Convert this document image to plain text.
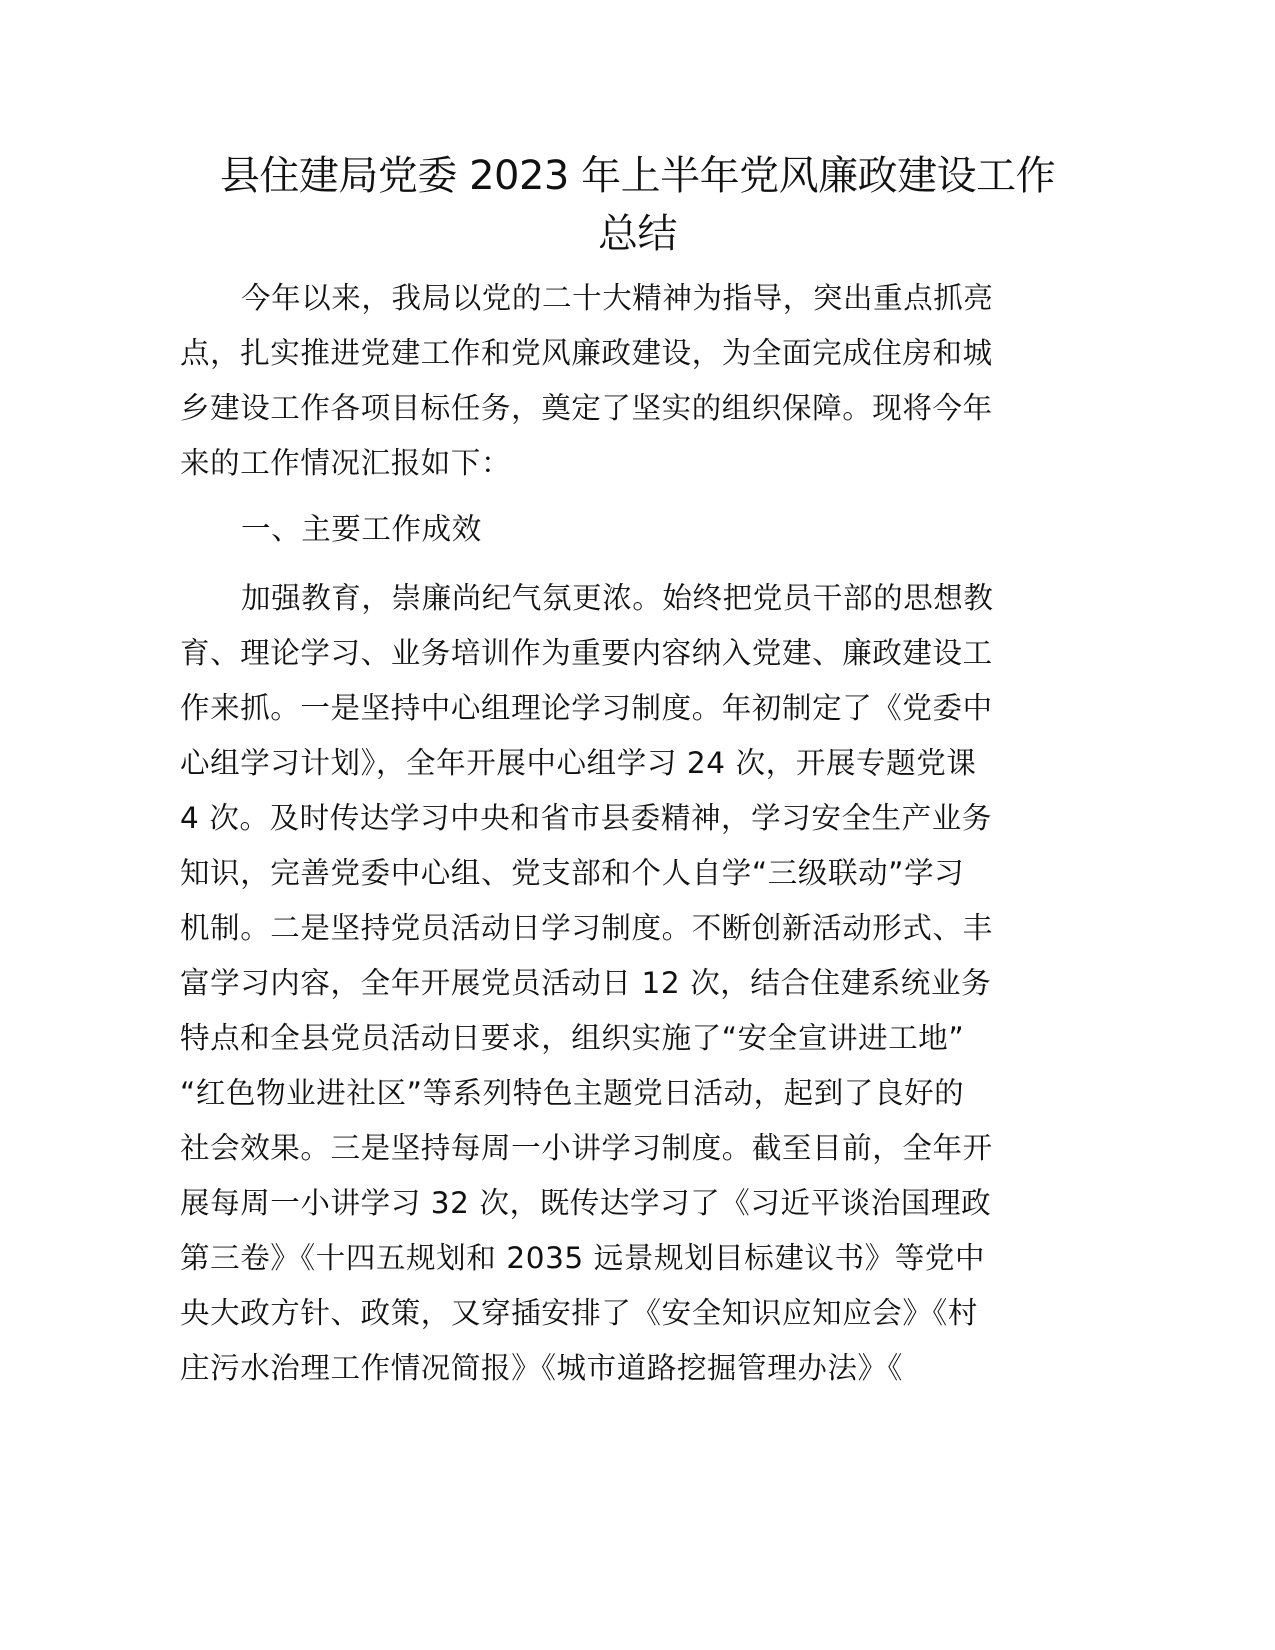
县住建局党委 2023 年上半年党风廉政建设工作
总结
今年以来，我局以党的二十大精神为指导，突出重点抓亮
点，扎实推进党建工作和党风廉政建设，为全面完成住房和城
乡建设工作各项目标任务，奠定了坚实的组织保障。现将今年
来的工作情况汇报如下：
一、主要工作成效
加强教育，崇廉尚纪气氛更浓。始终把党员干部的思想教
育、理论学习、业务培训作为重要内容纳入党建、廉政建设工
作来抓。一是坚持中心组理论学习制度。年初制定了《党委中
心组学习计划》，全年开展中心组学习 24 次，开展专题党课
4 次。及时传达学习中央和省市县委精神，学习安全生产业务
知识，完善党委中心组、党支部和个人自学“三级联动”学习
机制。二是坚持党员活动日学习制度。不断创新活动形式、丰
富学习内容，全年开展党员活动日 12 次，结合住建系统业务
特点和全县党员活动日要求，组织实施了“安全宣讲进工地”
“红色物业进社区”等系列特色主题党日活动，起到了良好的
社会效果。三是坚持每周一小讲学习制度。截至目前，全年开
展每周一小讲学习 32 次，既传达学习了《习近平谈治国理政
第三卷》《十四五规划和 2035 远景规划目标建议书》等党中
央大政方针、政策，又穿插安排了《安全知识应知应会》《村
庄污水治理工作情况简报》《城市道路挖掘管理办法》《
